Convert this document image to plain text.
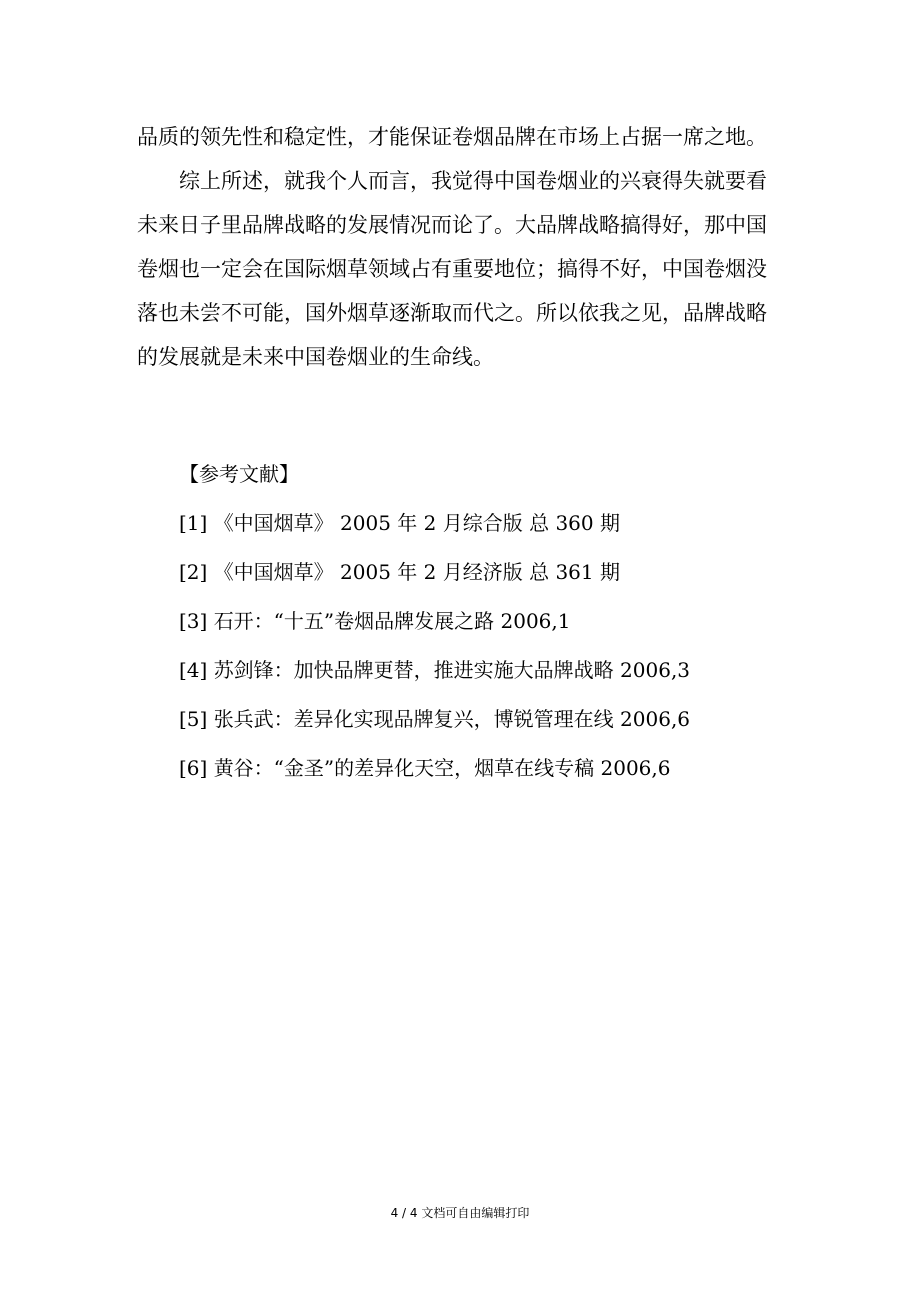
品质的领先性和稳定性，才能保证卷烟品牌在市场上占据一席之地。
综上所述，就我个人而言，我觉得中国卷烟业的兴衰得失就要看
未来日子里品牌战略的发展情况而论了。大品牌战略搞得好，那中国
卷烟也一定会在国际烟草领域占有重要地位；搞得不好，中国卷烟没
落也未尝不可能，国外烟草逐渐取而代之。所以依我之见，品牌战略
的发展就是未来中国卷烟业的生命线。
【参考文献】
[1] 《中国烟草》 2005 年 2 月综合版 总 360 期
[2] 《中国烟草》 2005 年 2 月经济版 总 361 期
[3] 石开：“十五”卷烟品牌发展之路 2006,1
[4] 苏剑锋：加快品牌更替，推进实施大品牌战略 2006,3
[5] 张兵武：差异化实现品牌复兴，博锐管理在线 2006,6
[6] 黄谷：“金圣”的差异化天空，烟草在线专稿 2006,6
4 / 4 文档可自由编辑打印
